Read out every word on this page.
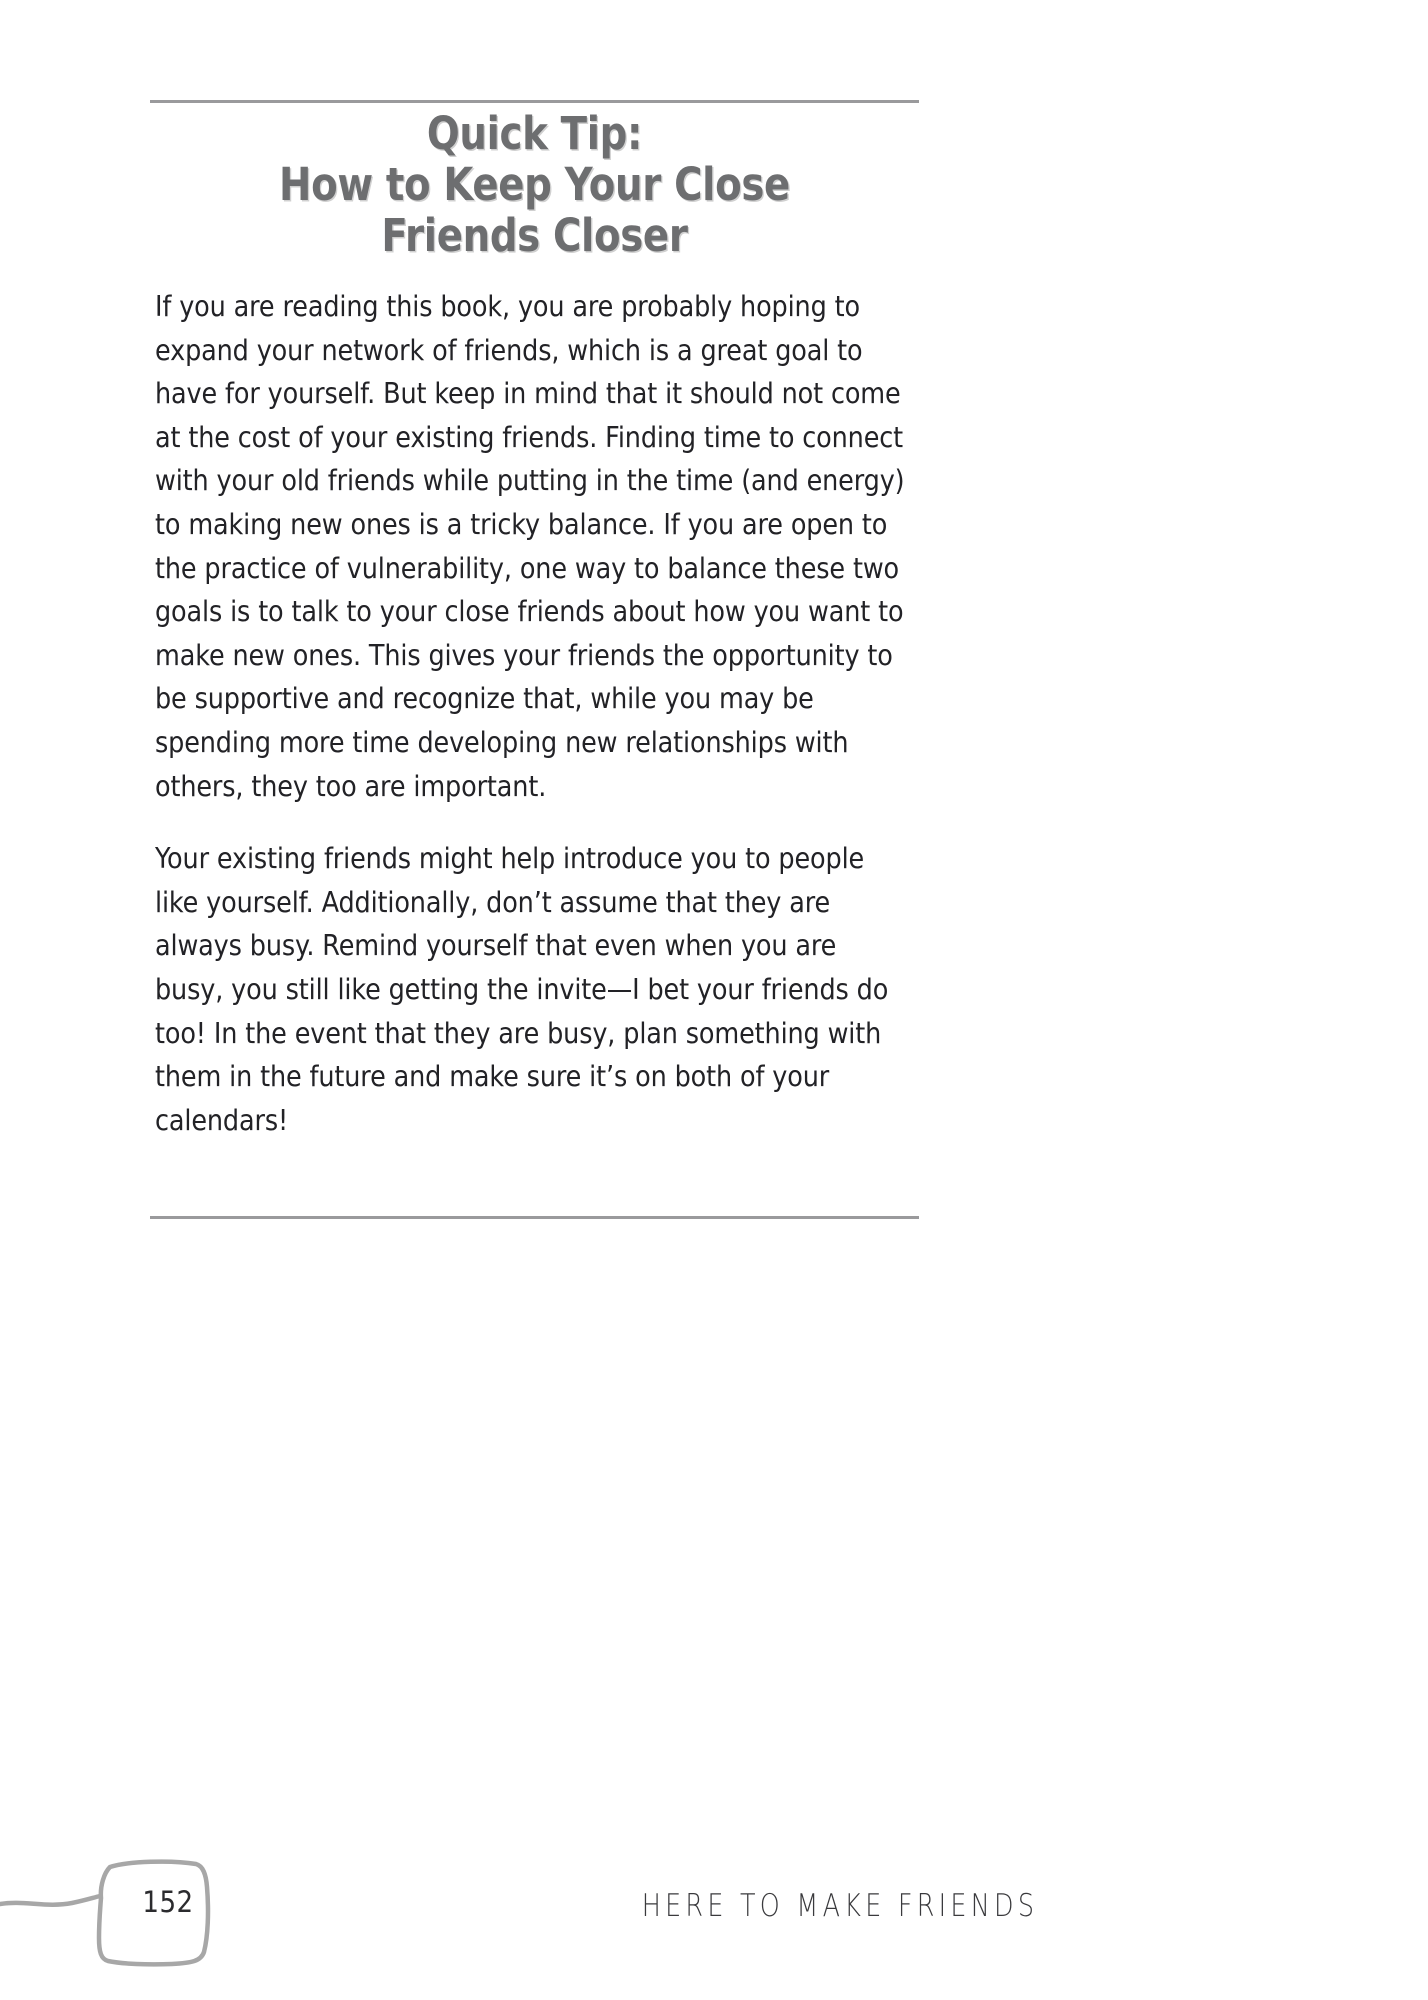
Quick Tip:
How to Keep Your Close
Friends Closer

If you are reading this book, you are probably hoping to expand your network of friends, which is a great goal to have for yourself. But keep in mind that it should not come at the cost of your existing friends. Finding time to connect with your old friends while putting in the time (and energy) to making new ones is a tricky balance. If you are open to the practice of vulnerability, one way to balance these two goals is to talk to your close friends about how you want to make new ones. This gives your friends the opportunity to be supportive and recognize that, while you may be spending more time developing new relationships with others, they too are important.

Your existing friends might help introduce you to people like yourself. Additionally, don’t assume that they are always busy. Remind yourself that even when you are busy, you still like getting the invite—I bet your friends do too! In the event that they are busy, plan something with them in the future and make sure it’s on both of your calendars!

152	HERE TO MAKE FRIENDS
